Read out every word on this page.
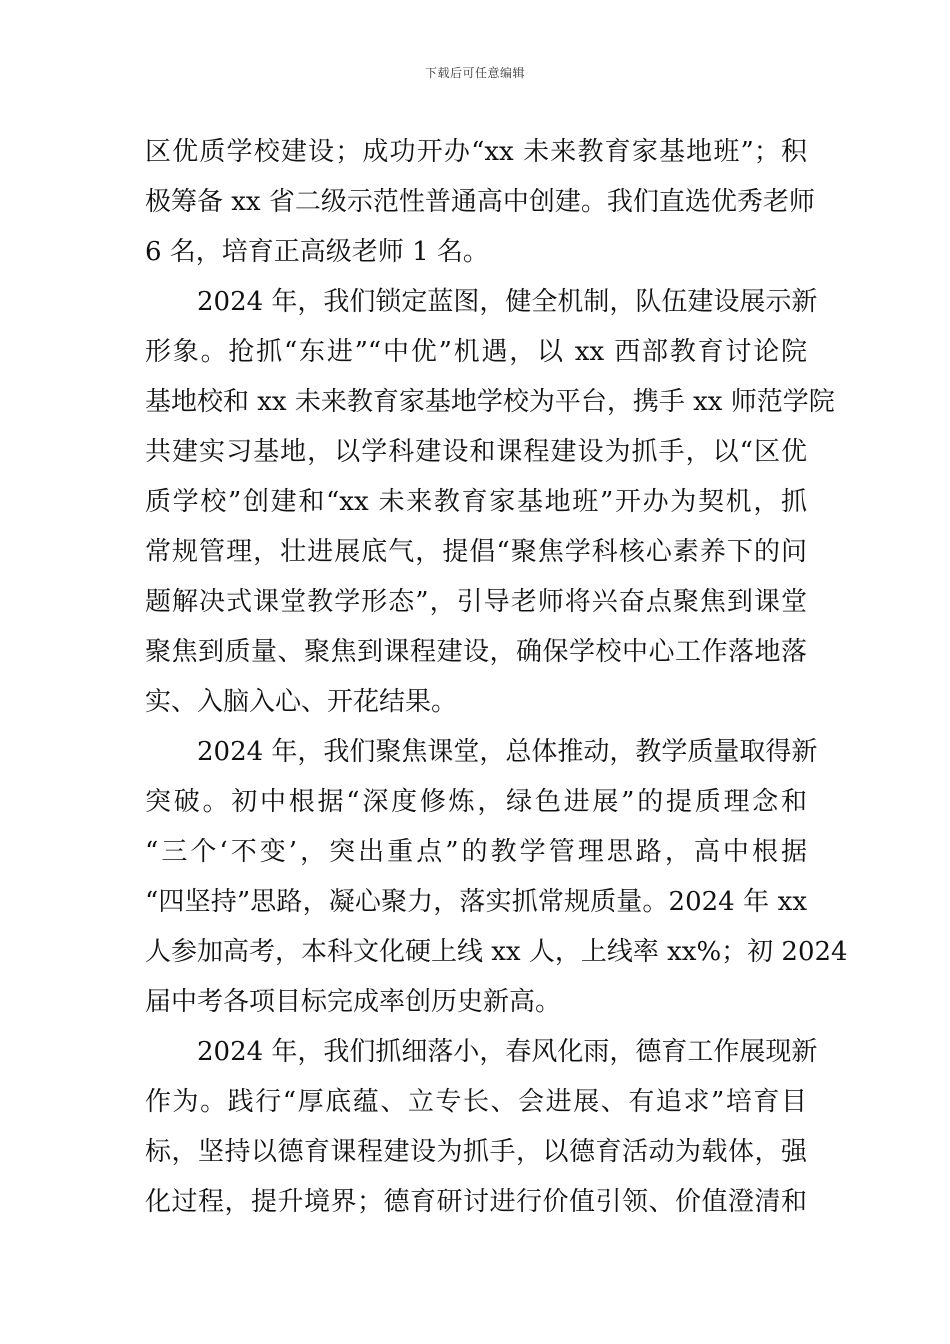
下载后可任意编辑
区优质学校建设；成功开办“xx 未来教育家基地班”；积
极筹备 xx 省二级示范性普通高中创建。我们直选优秀老师
6 名，培育正高级老师 1 名。
2024 年，我们锁定蓝图，健全机制，队伍建设展示新
形象。抢抓“东进”“中优”机遇，以 xx 西部教育讨论院
基地校和 xx 未来教育家基地学校为平台，携手 xx 师范学院
共建实习基地，以学科建设和课程建设为抓手，以“区优
质学校”创建和“xx 未来教育家基地班”开办为契机，抓
常规管理，壮进展底气，提倡“聚焦学科核心素养下的问
题解决式课堂教学形态”，引导老师将兴奋点聚焦到课堂
聚焦到质量、聚焦到课程建设，确保学校中心工作落地落
实、入脑入心、开花结果。
2024 年，我们聚焦课堂，总体推动，教学质量取得新
突破。初中根据“深度修炼，绿色进展”的提质理念和
“三个‘不变’，突出重点”的教学管理思路，高中根据
“四坚持”思路，凝心聚力，落实抓常规质量。2024 年 xx
人参加高考，本科文化硬上线 xx 人，上线率 xx%；初 2024
届中考各项目标完成率创历史新高。
2024 年，我们抓细落小，春风化雨，德育工作展现新
作为。践行“厚底蕴、立专长、会进展、有追求”培育目
标，坚持以德育课程建设为抓手，以德育活动为载体，强
化过程，提升境界；德育研讨进行价值引领、价值澄清和
